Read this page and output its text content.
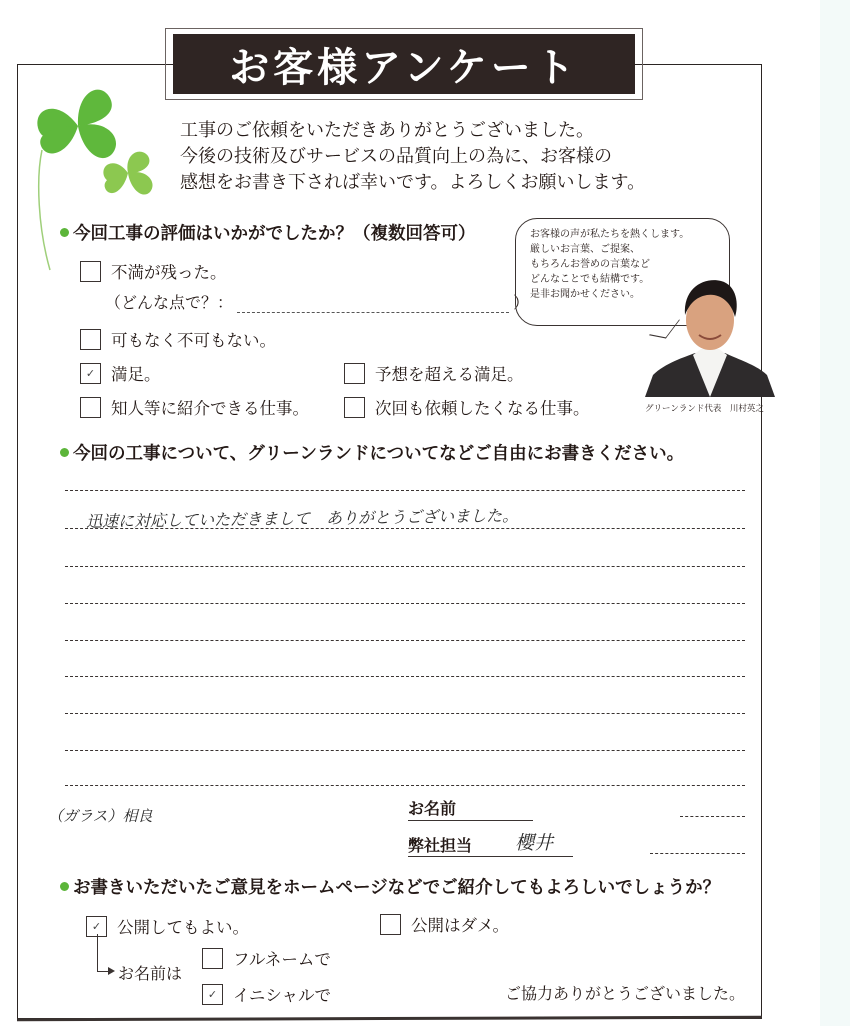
お客様アンケート
工事のご依頼をいただきありがとうございました。
今後の技術及びサービスの品質向上の為に、お客様の
感想をお書き下されば幸いです。よろしくお願いします。
今回工事の評価はいかがでしたか？（複数回答可）
不満が残った。
（どんな点で？：	）
可もなく不可もない。
✓ 満足。	予想を超える満足。
知人等に紹介できる仕事。	次回も依頼したくなる仕事。
お客様の声が私たちを熱くします。
厳しいお言葉、ご提案、
もちろんお誉めの言葉など
どんなことでも結構です。
是非お聞かせください。
グリーンランド代表　川村英之
今回の工事について、グリーンランドについてなどご自由にお書きください。
迅速に対応していただきまして　ありがとうございました。
（ガラス）相良	お名前
弊社担当 櫻井
お書きいただいたご意見をホームページなどでご紹介してもよろしいでしょうか？
✓ 公開してもよい。	公開はダメ。
お名前は
フルネームで
✓ イニシャルで	ご協力ありがとうございました。
